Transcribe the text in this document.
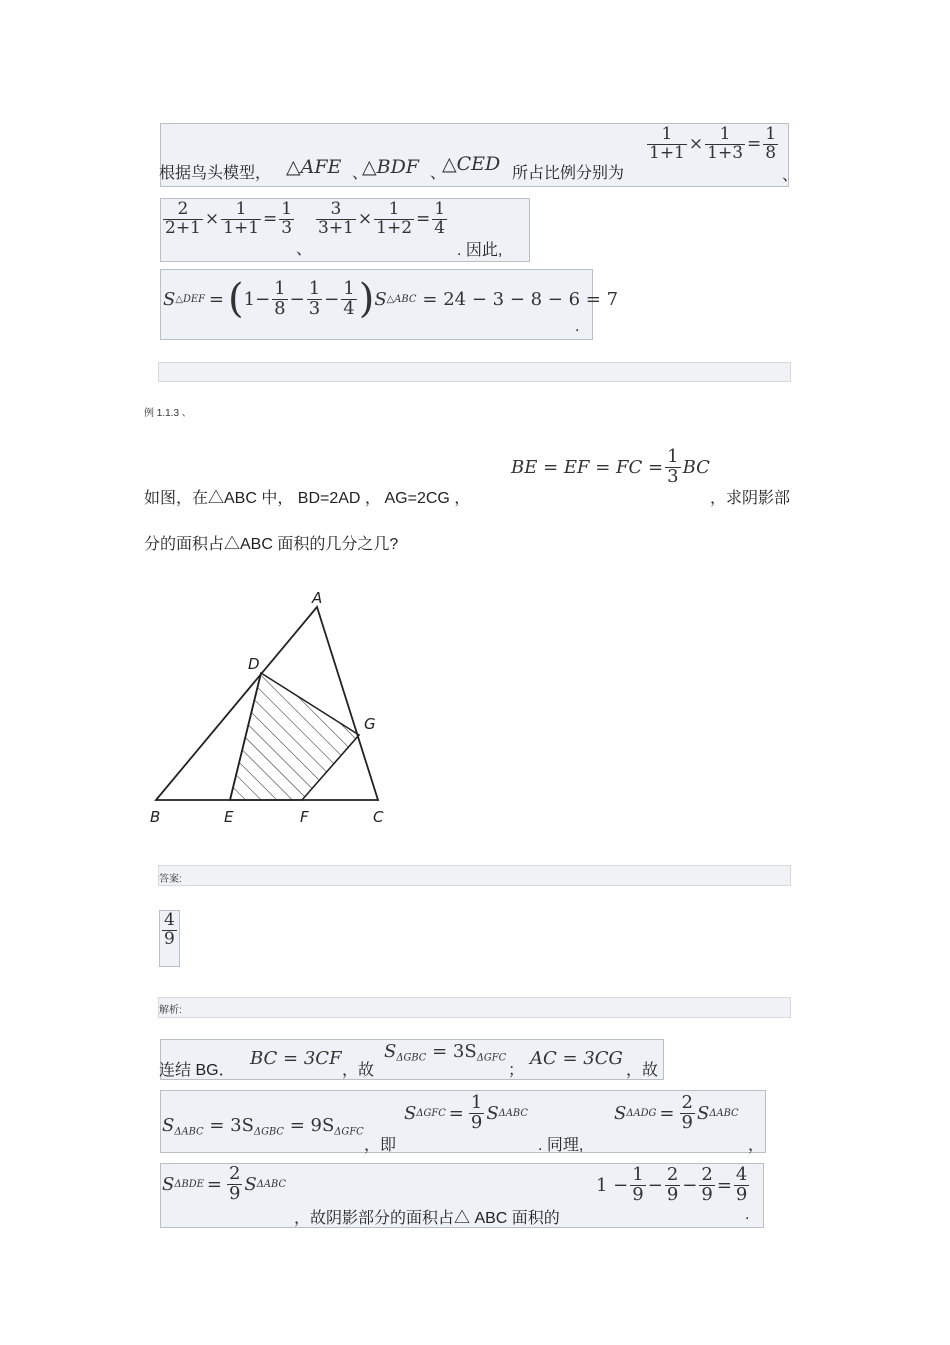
根据鸟头模型， △AFE 、
△BDF 、
△CED 所占比例分别为
$\frac{1}{1+1} \times \frac{1}{1+3} = \frac{1}{8}$
、
$\frac{2}{2+1} \times \frac{1}{1+1} = \frac{1}{3}$
、
$\frac{3}{3+1} \times \frac{1}{1+2} = \frac{1}{4}$
. 因此,
S △DEF = ( $1 - \frac{1}{8} - \frac{1}{3} - \frac{1}{4}$ ) S △ABC = 24 − 3 − 8 − 6 = 7
.
例 1.1.3 、
BE = EF = FC = $\frac{1}{3}$ BC
如图，在△ABC 中， BD=2AD ， AG=2CG ，	，求阴影部
分的面积占△ABC 面积的几分之几?
A
D
G
B	E	F	C
答案:
$\frac{4}{9}$
解析:
连结 BG．
BC = 3CF
，故
$S_{\Delta GBC} = 3S_{\Delta GFC}$
；
AC = 3CG
，故
$S_{\Delta ABC} = 3S_{\Delta GBC} = 9S_{\Delta GFC}$
，即
S $\Delta GFC = \frac{1}{9}$ S ΔABC
. 同理,
S $\Delta ADG = \frac{2}{9}$ S ΔABC
，
S $\Delta BDE = \frac{2}{9}$ S ΔABC
，故阴影部分的面积占△ ABC 面积的
$1 - \frac{1}{9} - \frac{2}{9} - \frac{2}{9} = \frac{4}{9}$
.
